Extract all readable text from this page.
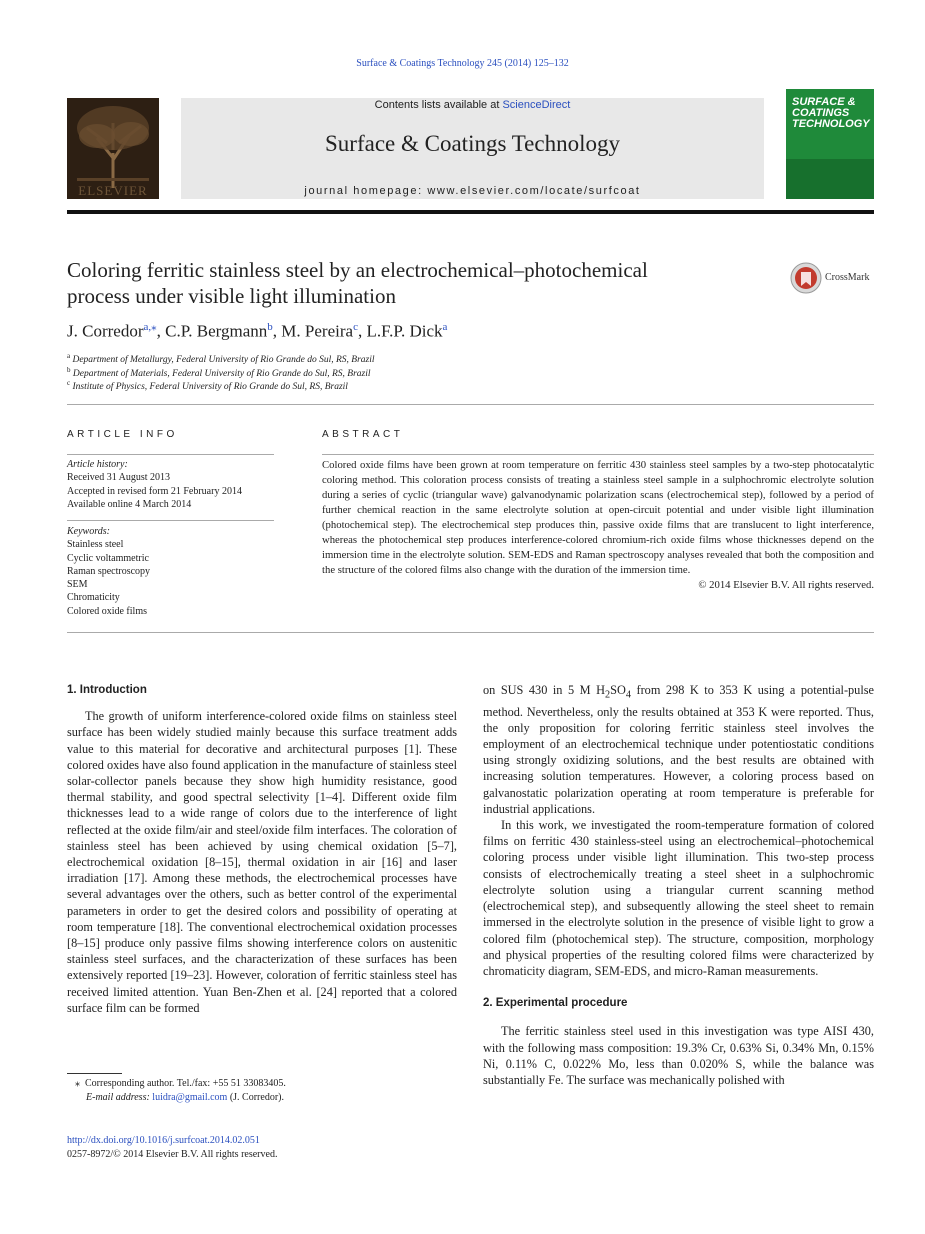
Surface & Coatings Technology 245 (2014) 125–132
ELSEVIER
Contents lists available at ScienceDirect
Surface & Coatings Technology
journal homepage: www.elsevier.com/locate/surfcoat
SURFACE & COATINGS TECHNOLOGY
Coloring ferritic stainless steel by an electrochemical–photochemical
process under visible light illumination
CrossMark
J. Corredor$^{a,⁎}$, C.P. Bergmann$^b$, M. Pereira$^c$, L.F.P. Dick$^a$
$^a$ Department of Metallurgy, Federal University of Rio Grande do Sul, RS, Brazil
$^b$ Department of Materials, Federal University of Rio Grande do Sul, RS, Brazil
$^c$ Institute of Physics, Federal University of Rio Grande do Sul, RS, Brazil
ARTICLE INFO
Article history:
Received 31 August 2013
Accepted in revised form 21 February 2014
Available online 4 March 2014
Keywords:
Stainless steel
Cyclic voltammetric
Raman spectroscopy
SEM
Chromaticity
Colored oxide films
ABSTRACT
Colored oxide films have been grown at room temperature on ferritic 430 stainless steel samples by a two-step photocatalytic coloring method. This coloration process consists of treating a stainless steel sample in a sulphochromic electrolyte solution during a series of cyclic (triangular wave) galvanodynamic polarization scans (electrochemical step), followed by a period of further chemical reaction in the same electrolyte solution at open-circuit potential and under visible light illumination (photochemical step). The electrochemical step produces thin, passive oxide films that are translucent to light interference, whereas the photochemical step produces interference-colored chromium-rich oxide films whose thicknesses depend on the immersion time in the electrolyte solution. SEM-EDS and Raman spectroscopy analyses revealed that both the composition and the structure of the colored films also change with the duration of the immersion time.
© 2014 Elsevier B.V. All rights reserved.
1. Introduction

The growth of uniform interference-colored oxide films on stainless steel surface has been widely studied mainly because this surface treatment adds value to this material for decorative and architectural purposes [1]. These colored oxides have also found application in the manufacture of stainless steel solar-collector panels because they show high humidity resistance, good thermal stability, and good spectral selectivity [1–4]. Different oxide film thicknesses lead to a wide range of colors due to the interference of light reflected at the oxide film/air and steel/oxide film interfaces. The coloration of stainless steel has been achieved by using chemical oxidation [5–7], electrochemical oxidation [8–15], thermal oxidation in air [16] and laser irradiation [17]. Among these methods, the electrochemical processes have several advantages over the others, such as better control of the experimental parameters in order to get the desired colors and possibility of operating at room temperature [18]. The conventional electrochemical oxidation processes [8–15] produce only passive films showing interference colors on austenitic stainless steel surfaces, and the characterization of these surfaces has been extensively reported [19–23]. However, coloration of ferritic stainless steel has received limited attention. Yuan Ben-Zhen et al. [24] reported that a colored surface film can be formed

on SUS 430 in 5 M $H_2SO_4$ from 298 K to 353 K using a potential-pulse method. Nevertheless, only the results obtained at 353 K were reported. Thus, the only proposition for coloring ferritic stainless steel involves the employment of an electrochemical technique under potentiostatic conditions using strongly oxidizing solutions, and the best results are obtained with increasing solution temperatures. However, a coloring process based on galvanostatic polarization operating at room temperature is preferable for industrial applications.

In this work, we investigated the room-temperature formation of colored films on ferritic 430 stainless-steel using an electrochemical–photochemical coloring process under visible light illumination. This two-step process consists of electrochemically treating a steel sheet in a sulphochromic electrolyte solution using a triangular current scanning method (electrochemical step), and subsequently allowing the steel sheet to remain immersed in the electrolyte solution in the presence of visible light to grow a colored film (photochemical step). The structure, composition, morphology and physical properties of the resulting colored films were characterized by chromaticity diagram, SEM-EDS, and micro-Raman measurements.

2. Experimental procedure

The ferritic stainless steel used in this investigation was type AISI 430, with the following mass composition: 19.3% Cr, 0.63% Si, 0.34% Mn, 0.15% Ni, 0.11% C, 0.022% Mo, less than 0.020% S, while the balance was substantially Fe. The surface was mechanically polished with

⁎ Corresponding author. Tel./fax: +55 51 33083405.
E-mail address: luidra@gmail.com (J. Corredor).
http://dx.doi.org/10.1016/j.surfcoat.2014.02.051
0257-8972/© 2014 Elsevier B.V. All rights reserved.
